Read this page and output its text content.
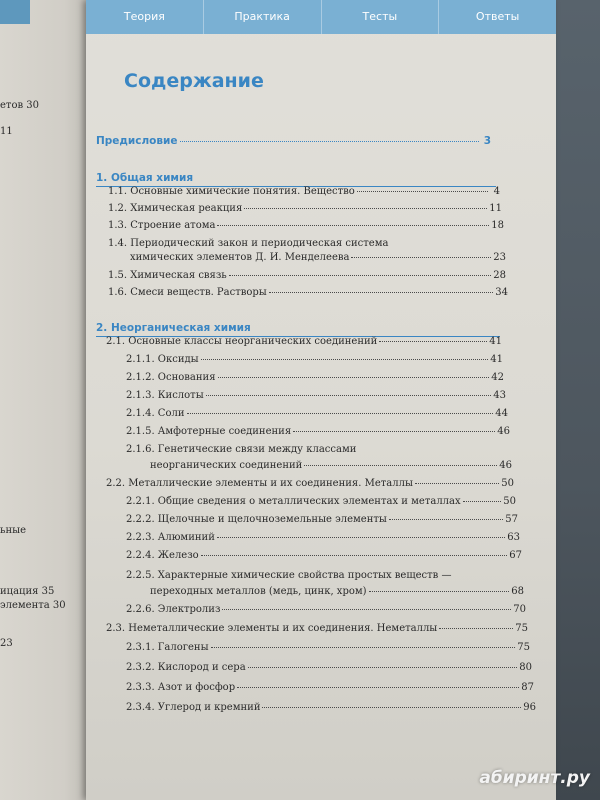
етов 30
11
ьные
ицация 35
элемента 30
23
Теория	Практика	Тесты	Ответы
Содержание
Предисловие	3
1. Общая химия
1.1. Основные химические понятия. Вещество	4
1.2. Химическая реакция	11
1.3. Строение атома	18
1.4. Периодический закон и периодическая система
химических элементов Д. И. Менделеева	23
1.5. Химическая связь	28
1.6. Смеси веществ. Растворы	34
2. Неорганическая химия
2.1. Основные классы неорганических соединений	41
2.1.1. Оксиды	41
2.1.2. Основания	42
2.1.3. Кислоты	43
2.1.4. Соли	44
2.1.5. Амфотерные соединения	46
2.1.6. Генетические связи между классами
неорганических соединений	46
2.2. Металлические элементы и их соединения. Металлы	50
2.2.1. Общие сведения о металлических элементах и металлах	50
2.2.2. Щелочные и щелочноземельные элементы	57
2.2.3. Алюминий	63
2.2.4. Железо	67
2.2.5. Характерные химические свойства простых веществ —
переходных металлов (медь, цинк, хром)	68
2.2.6. Электролиз	70
2.3. Неметаллические элементы и их соединения. Неметаллы	75
2.3.1. Галогены	75
2.3.2. Кислород и сера	80
2.3.3. Азот и фосфор	87
2.3.4. Углерод и кремний	96
абиринт.ру
